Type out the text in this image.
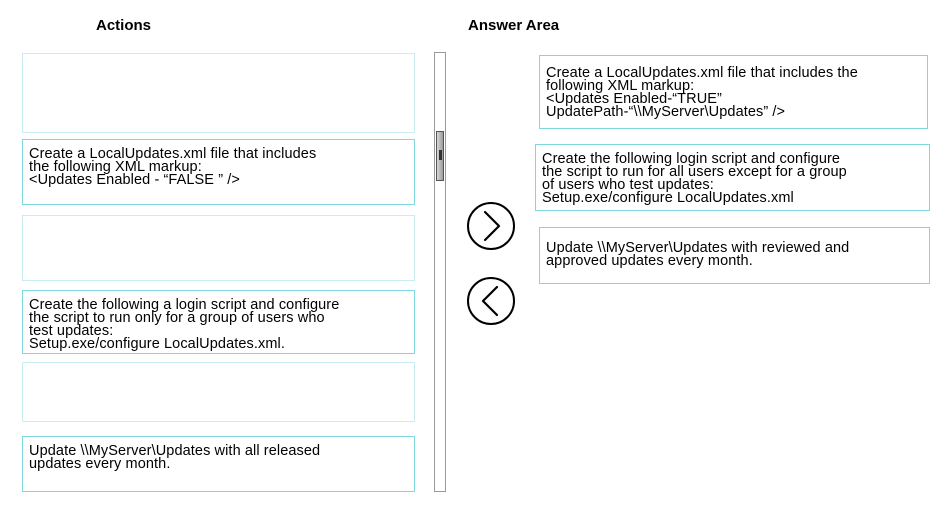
Actions	Answer Area
Create a LocalUpdates.xml file that includes
the following XML markup:
<Updates Enabled - “FALSE ” />
Create the following a login script and configure
the script to run only for a group of users who
test updates:
Setup.exe/configure LocalUpdates.xml.
Update \\MyServer\Updates with all released
updates every month.
Create a LocalUpdates.xml file that includes the
following XML markup:
<Updates Enabled-“TRUE”
UpdatePath-“\\MyServer\Updates” />
Create the following login script and configure
the script to run for all users except for a group
of users who test updates:
Setup.exe/configure LocalUpdates.xml
Update \\MyServer\Updates with reviewed and
approved updates every month.
